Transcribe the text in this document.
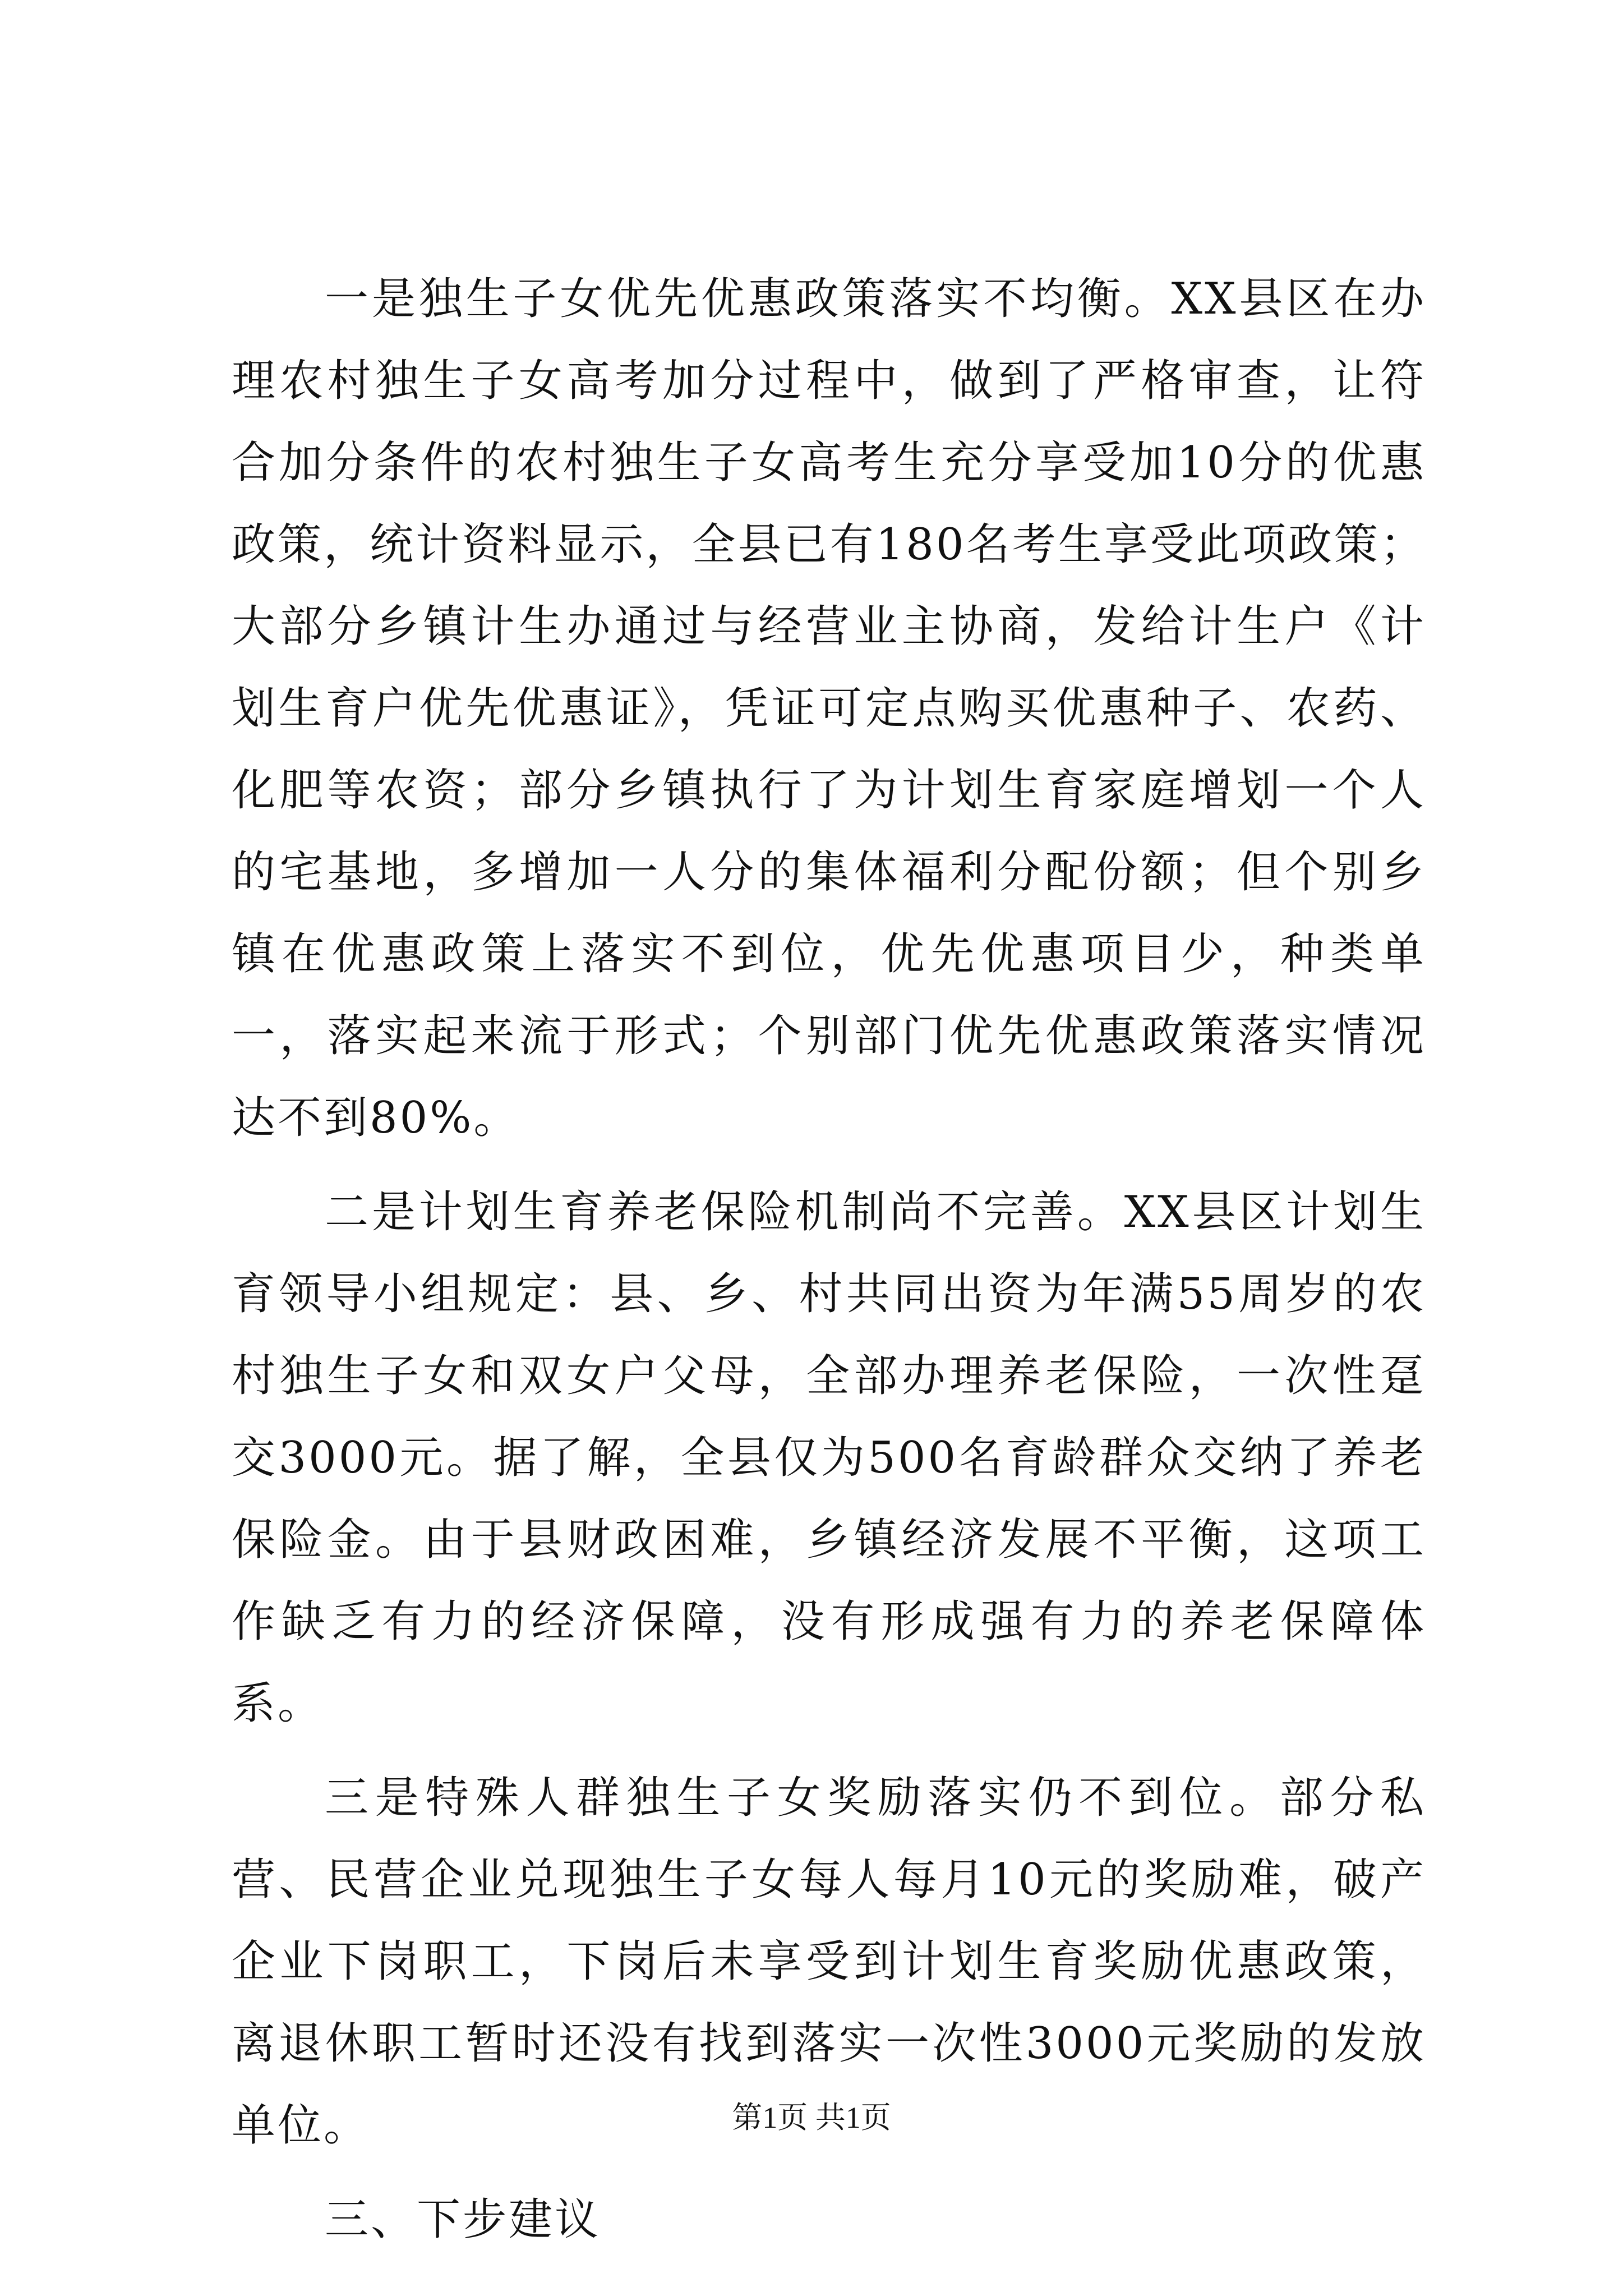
一是独生子女优先优惠政策落实不均衡。XX县区在办理农村独生子女高考加分过程中，做到了严格审查，让符合加分条件的农村独生子女高考生充分享受加10分的优惠政策，统计资料显示，全县已有180名考生享受此项政策；大部分乡镇计生办通过与经营业主协商，发给计生户《计划生育户优先优惠证》，凭证可定点购买优惠种子、农药、化肥等农资；部分乡镇执行了为计划生育家庭增划一个人的宅基地，多增加一人分的集体福利分配份额；但个别乡镇在优惠政策上落实不到位，优先优惠项目少，种类单一，落实起来流于形式；个别部门优先优惠政策落实情况达不到80%。

二是计划生育养老保险机制尚不完善。XX县区计划生育领导小组规定：县、乡、村共同出资为年满55周岁的农村独生子女和双女户父母，全部办理养老保险，一次性趸交3000元。据了解，全县仅为500名育龄群众交纳了养老保险金。由于县财政困难，乡镇经济发展不平衡，这项工作缺乏有力的经济保障，没有形成强有力的养老保障体系。

三是特殊人群独生子女奖励落实仍不到位。部分私营、民营企业兑现独生子女每人每月10元的奖励难，破产企业下岗职工，下岗后未享受到计划生育奖励优惠政策，离退休职工暂时还没有找到落实一次性3000元奖励的发放单位。

三、下步建议

第1页 共1页
